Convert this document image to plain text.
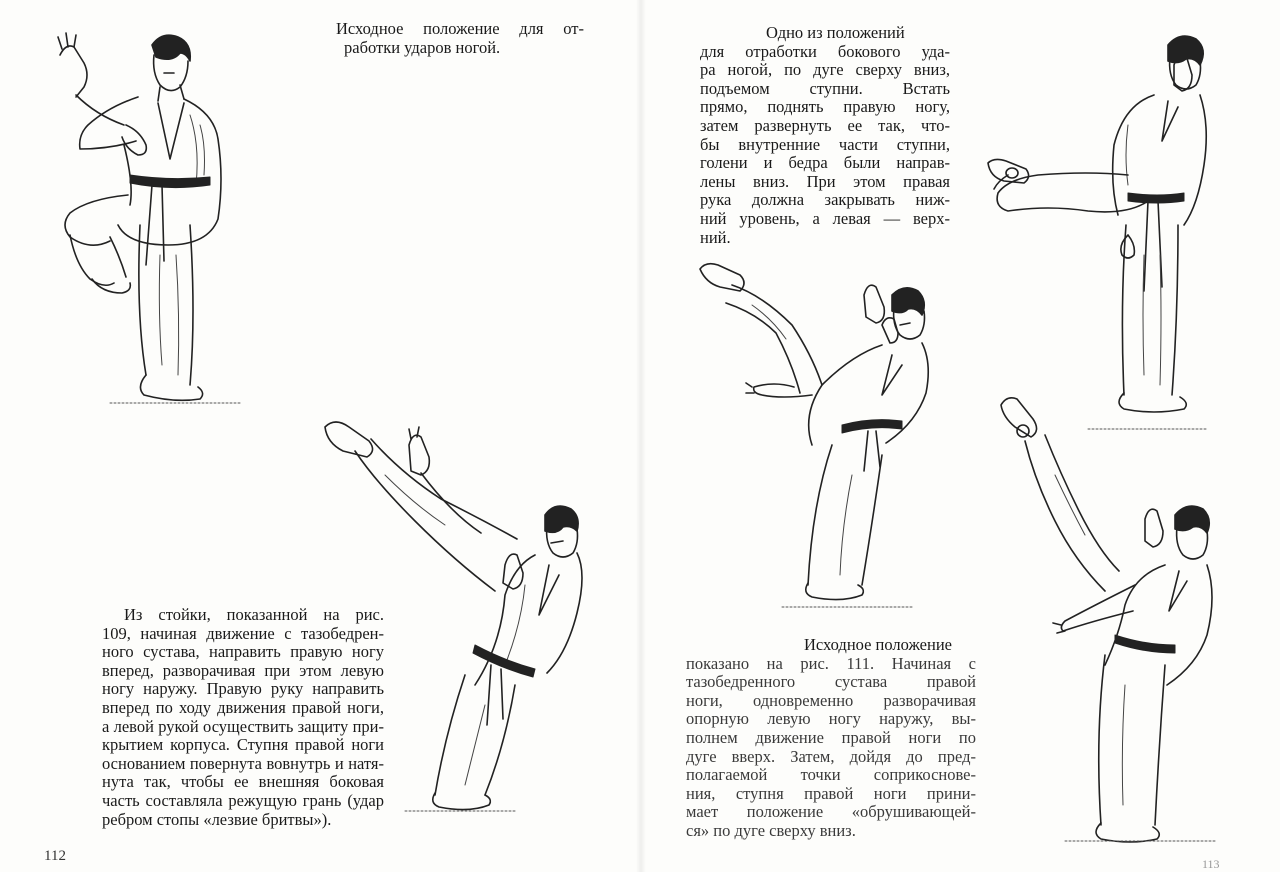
Исходное положение для от-
работки ударов ногой.

Из стойки, показанной на рис.
109, начиная движение с тазобедрен-
ного сустава, направить правую ногу
вперед, разворачивая при этом левую
ногу наружу. Правую руку направить
вперед по ходу движения правой ноги,
а левой рукой осуществить защиту при-
крытием корпуса. Ступня правой ноги
основанием повернута вовнутрь и натя-
нута так, чтобы ее внешняя боковая
часть составляла режущую грань (удар
ребром стопы «лезвие бритвы»).

112

Одно из положений
для отработки бокового уда-
ра ногой, по дуге сверху вниз,
подъемом ступни. Встать
прямо, поднять правую ногу,
затем развернуть ее так, что-
бы внутренние части ступни,
голени и бедра были направ-
лены вниз. При этом правая
рука должна закрывать ниж-
ний уровень, а левая — верх-
ний.

Исходное положение
показано на рис. 111. Начиная с
тазобедренного сустава правой
ноги, одновременно разворачивая
опорную левую ногу наружу, вы-
полнем движение правой ноги по
дуге вверх. Затем, дойдя до пред-
полагаемой точки соприкоснове-
ния, ступня правой ноги прини-
мает положение «обрушивающей-
ся» по дуге сверху вниз.

113
